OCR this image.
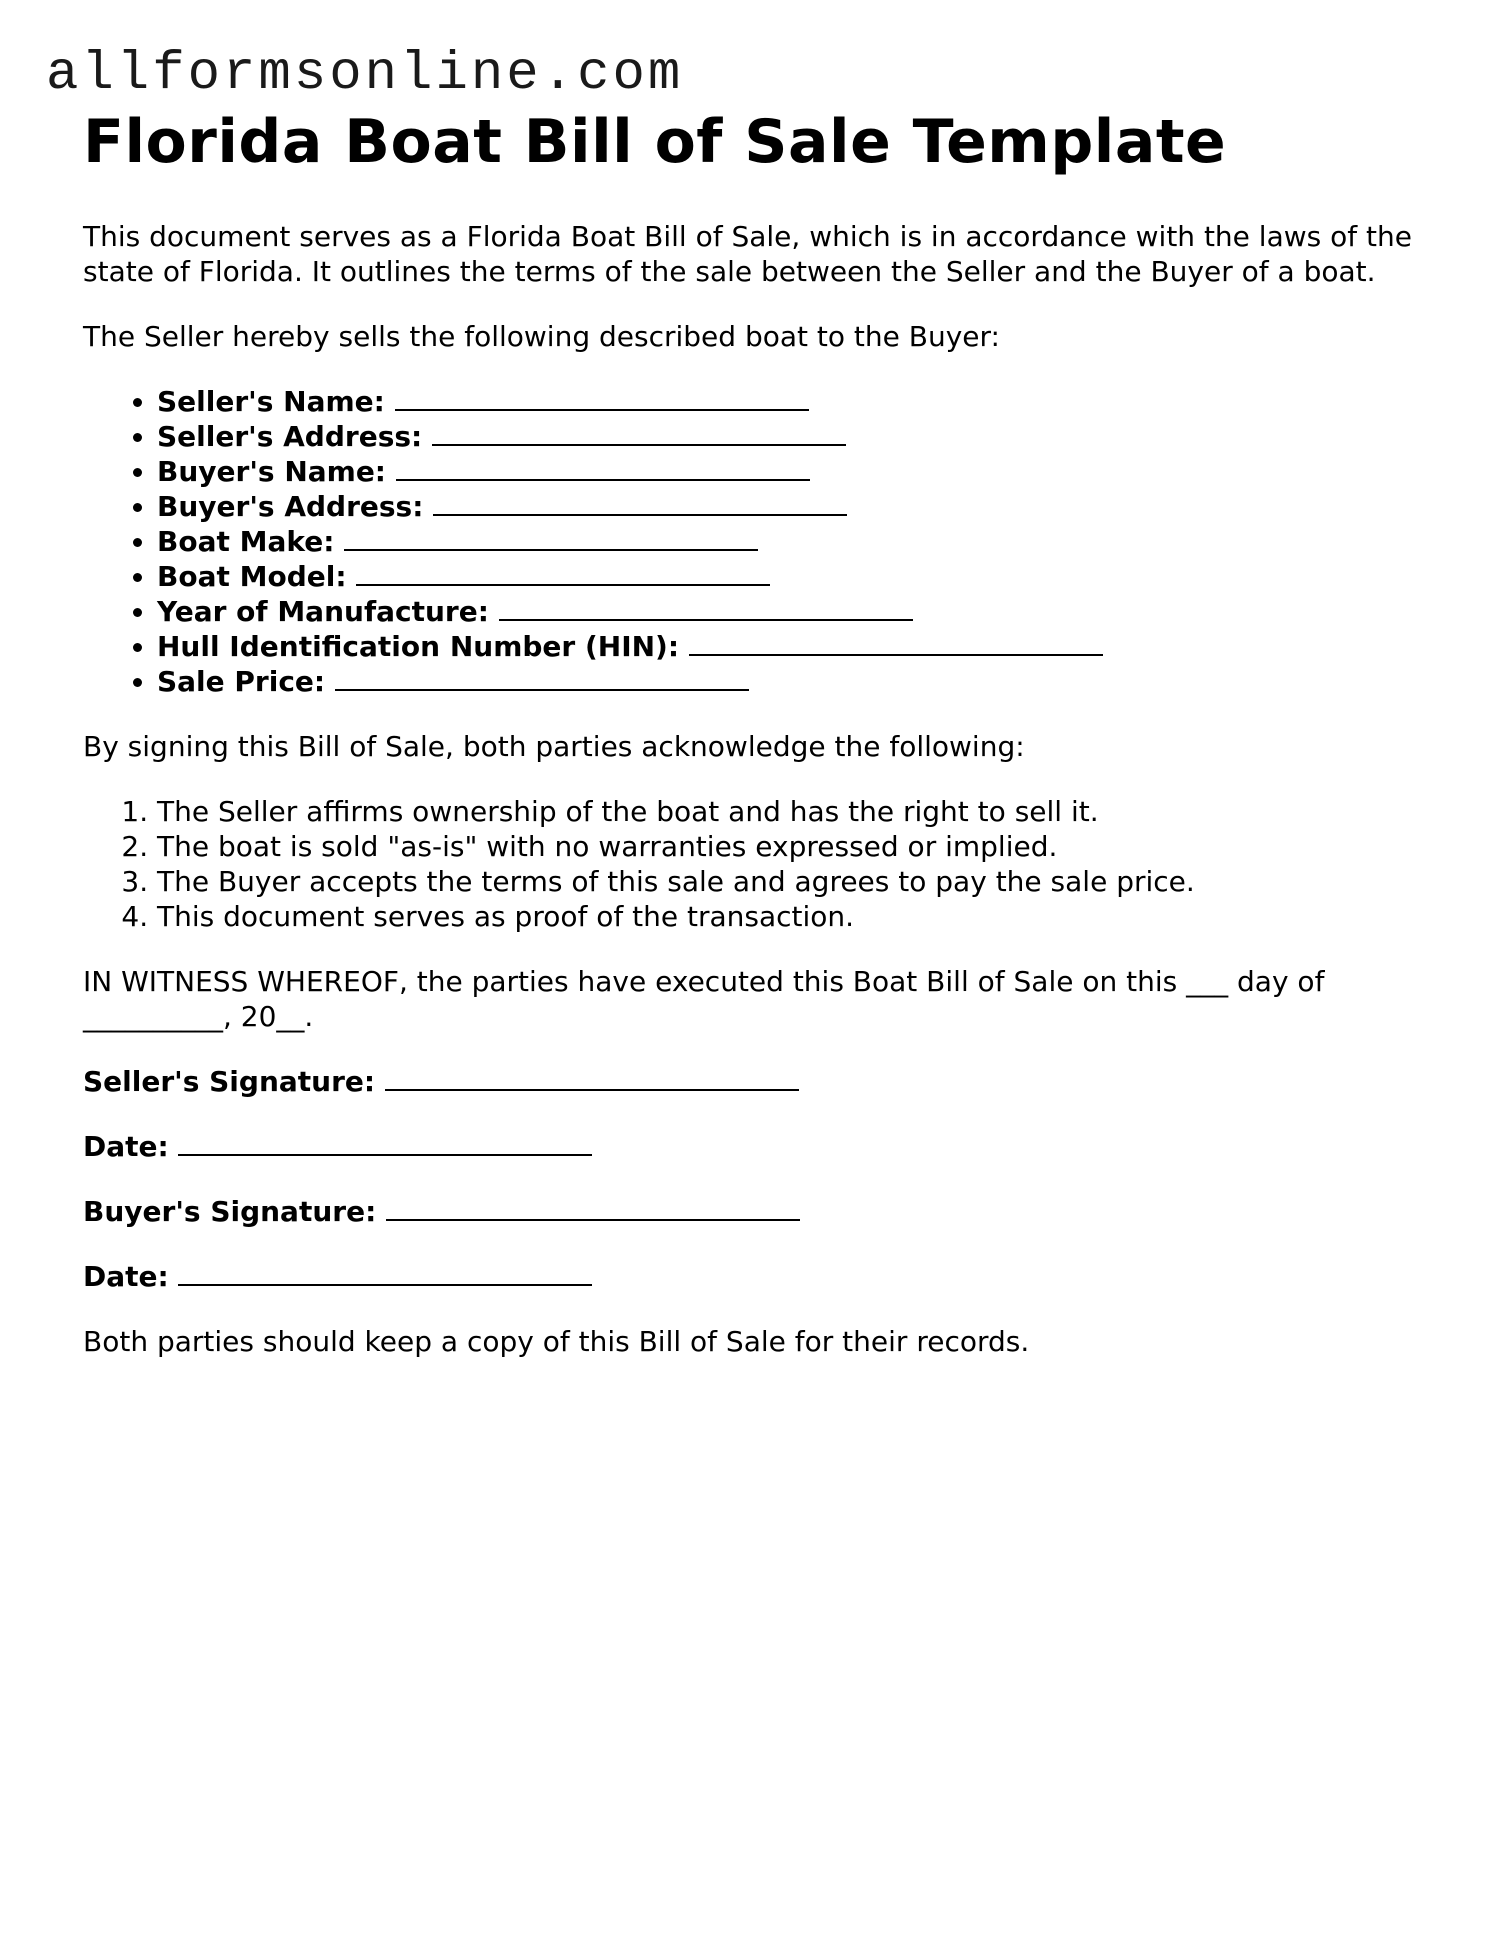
allformsonline.com
Florida Boat Bill of Sale Template

This document serves as a Florida Boat Bill of Sale, which is in accordance with the laws of the state of Florida. It outlines the terms of the sale between the Seller and the Buyer of a boat.

The Seller hereby sells the following described boat to the Buyer:

• Seller's Name:
• Seller's Address:
• Buyer's Name:
• Buyer's Address:
• Boat Make:
• Boat Model:
• Year of Manufacture:
• Hull Identification Number (HIN):
• Sale Price:

By signing this Bill of Sale, both parties acknowledge the following:

1. The Seller affirms ownership of the boat and has the right to sell it.
2. The boat is sold "as-is" with no warranties expressed or implied.
3. The Buyer accepts the terms of this sale and agrees to pay the sale price.
4. This document serves as proof of the transaction.

IN WITNESS WHEREOF, the parties have executed this Boat Bill of Sale on this ___ day of __________, 20__.

Seller's Signature:

Date:

Buyer's Signature:

Date:

Both parties should keep a copy of this Bill of Sale for their records.
